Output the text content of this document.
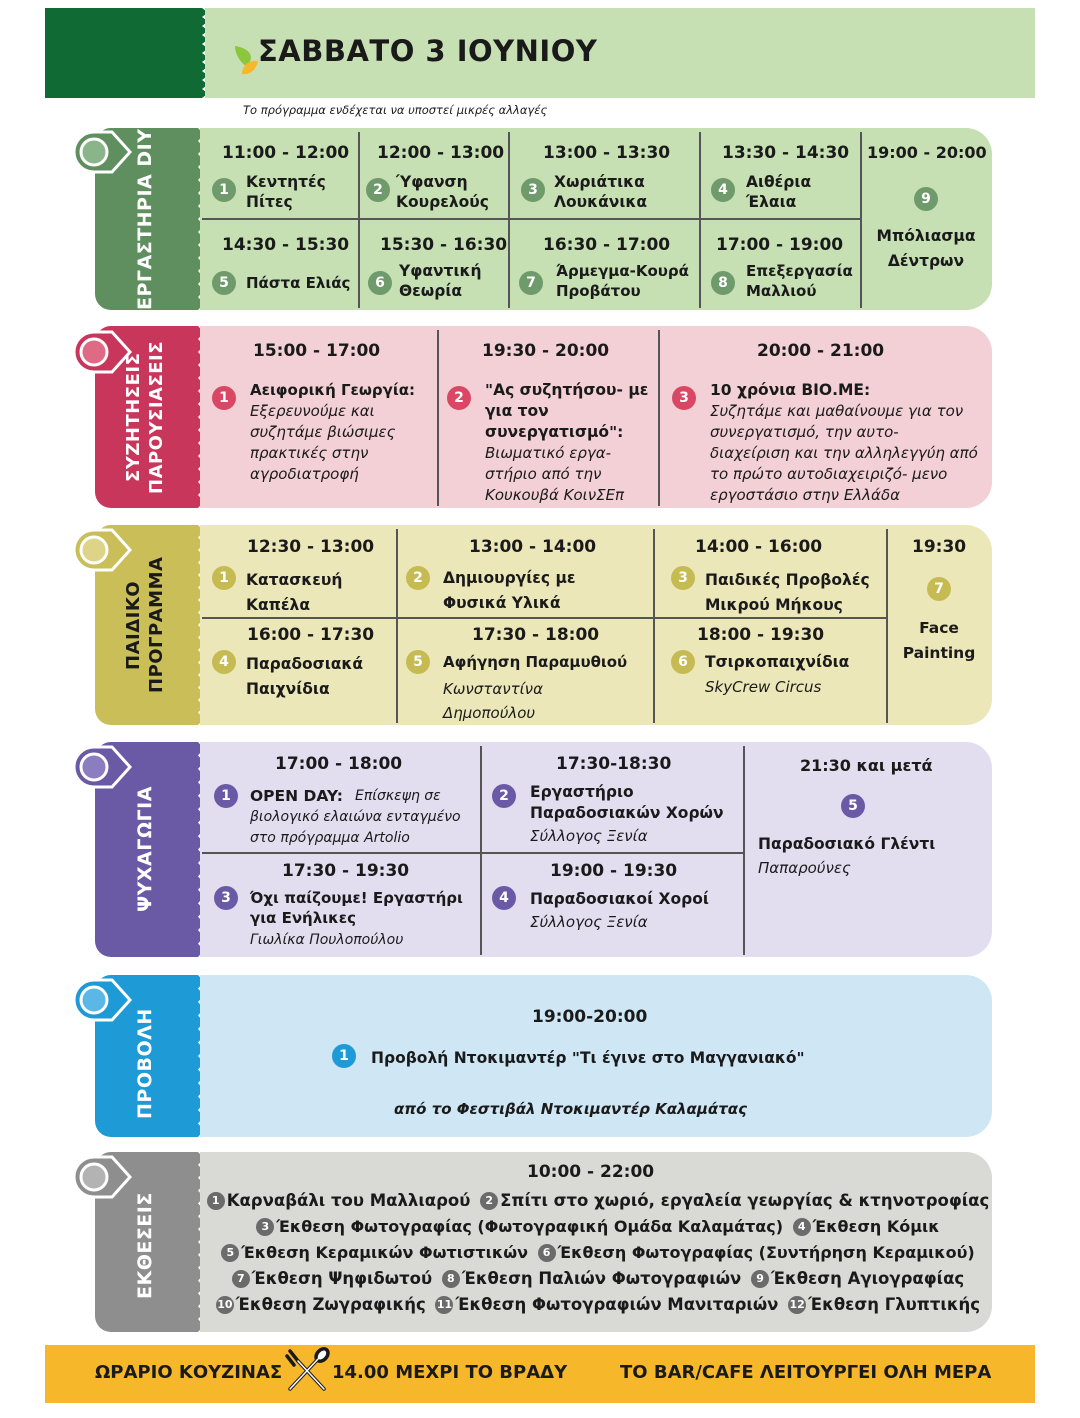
ΣΑΒΒΑΤΟ 3 ΙΟΥΝΙΟΥ
Το πρόγραμμα ενδέχεται να υποστεί μικρές αλλαγές
ΕΡΓΑΣΤΗΡΙΑ DIY	11:00 - 12:00
1	Κεντητές Πίτες
12:00 - 13:00
2 Ύφανση Κουρελούς
13:00 - 13:30
3	Χωριάτικα Λουκάνικα
13:30 - 14:30
4	Αιθέρια Έλαια
19:00 - 20:00
9
Μπόλιασμα Δέντρων
14:30 - 15:30
5	Πάστα Ελιάς
15:30 - 16:30
6
Υφαντική Θεωρία
16:30 - 17:00
7
Άρμεγμα-Κουρά Προβάτου
17:00 - 19:00
8
Επεξεργασία Μαλλιού
ΣΥΖΗΤΗΣΕΙΣ ΠΑΡΟΥΣΙΑΣΕΙΣ	15:00 - 17:00
1	Αειφορική Γεωργία:
Εξερευνούμε και συζητάμε βιώσιμες πρακτικές στην αγροδιατροφή
19:30 - 20:00
2	"Ας συζητήσου- με για τον συνεργατισμό":
Βιωματικό εργα- στήριο από την Κουκουβά ΚοινΣΕπ
20:00 - 21:00
3	10 χρόνια ΒΙΟ.ΜΕ:
Συζητάμε και μαθαίνουμε για τον συνεργατισμό, την αυτο- διαχείριση και την αλληλεγγύη από το πρώτο αυτοδιαχειριζό- μενο εργοστάσιο στην Ελλάδα
ΠΑΙΔΙΚΟ ΠΡΟΓΡΑΜΜΑ
12:30 - 13:00
1	Κατασκευή Καπέλα
13:00 - 14:00
2	Δημιουργίες με Φυσικά Υλικά
14:00 - 16:00
3	Παιδικές Προβολές Μικρού Μήκους
19:30
7
Face Painting
16:00 - 17:30
4	Παραδοσιακά Παιχνίδια
17:30 - 18:00
5	Αφήγηση Παραμυθιού
Κωνσταντίνα Δημοπούλου
18:00 - 19:30
6	Τσιρκοπαιχνίδια
SkyCrew Circus
ΨΥΧΑΓΩΓΙΑ
17:00 - 18:00
1	OPEN DAY: Επίσκεψη σε βιολογικό ελαιώνα ενταγμένο στο πρόγραμμα Artolio
17:30-18:30
2	Εργαστήριο Παραδοσιακών Χορών
Σύλλογος Ξενία
21:30 και μετά
5
Παραδοσιακό Γλέντι
Παπαρούνες
17:30 - 19:30
3	Όχι παίζουμε! Εργαστήρι για Ενήλικες
Γιωλίκα Πουλοπούλου
19:00 - 19:30
4	Παραδοσιακοί Χοροί
Σύλλογος Ξενία
ΠΡΟΒΟΛΗ	19:00-20:00
1	Προβολή Ντοκιμαντέρ "Τι έγινε στο Μαγγανιακό"
από το Φεστιβάλ Ντοκιμαντέρ Καλαμάτας
ΕΚΘΕΣΕΙΣ
10:00 - 22:00
1 Καρναβάλι του Μαλλιαρού 2 Σπίτι στο χωριό, εργαλεία γεωργίας & κτηνοτροφίας
3 Έκθεση Φωτογραφίας (Φωτογραφική Ομάδα Καλαμάτας) 4 Έκθεση Κόμικ
5 Έκθεση Κεραμικών Φωτιστικών 6 Έκθεση Φωτογραφίας (Συντήρηση Κεραμικού)
7 Έκθεση Ψηφιδωτού 8 Έκθεση Παλιών Φωτογραφιών 9 Έκθεση Αγιογραφίας
10 Έκθεση Ζωγραφικής 11 Έκθεση Φωτογραφιών Μανιταριών 12 Έκθεση Γλυπτικής
ΩΡΑΡΙΟ ΚΟΥΖΙΝΑΣ	14.00 ΜΕΧΡΙ ΤΟ ΒΡΑΔΥ	ΤΟ BAR/CAFE ΛΕΙΤΟΥΡΓΕΙ ΟΛΗ ΜΕΡΑ
